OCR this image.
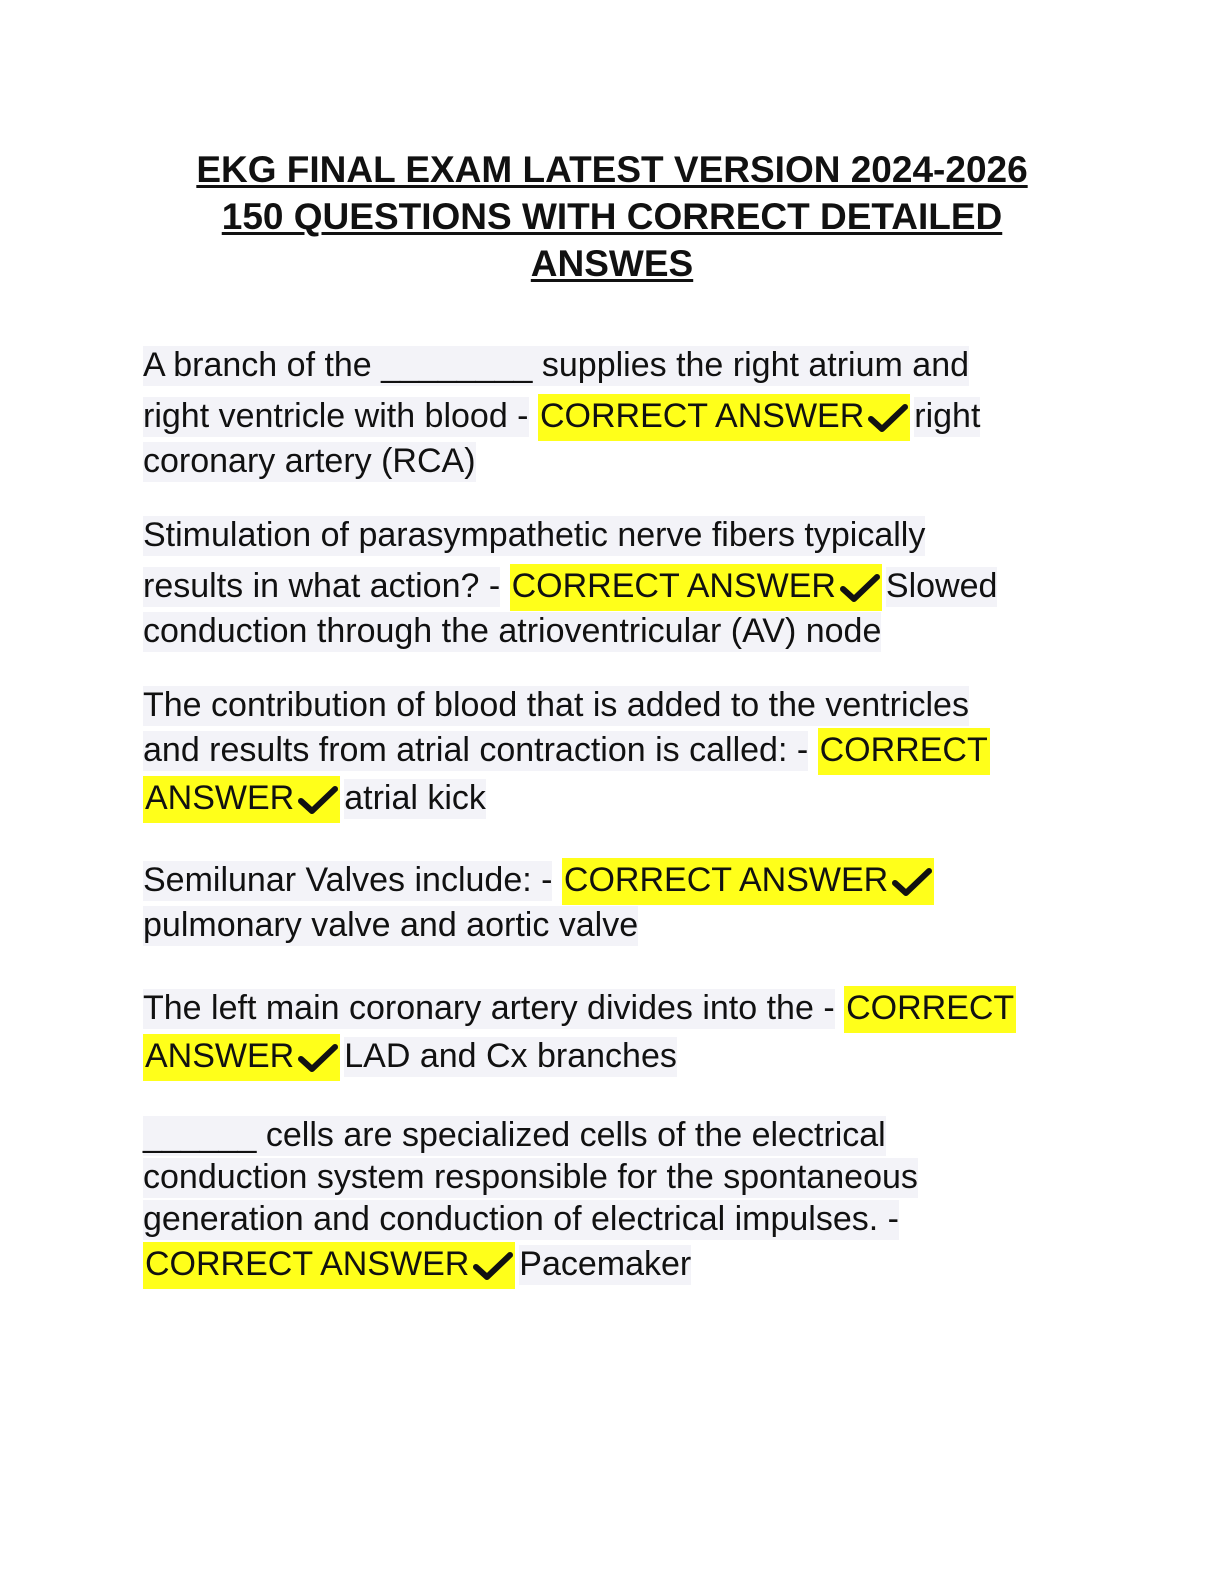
EKG FINAL EXAM LATEST VERSION 2024-2026
150 QUESTIONS WITH CORRECT DETAILED
ANSWES
A branch of the ________ supplies the right atrium and
right ventricle with blood - CORRECT ANSWER right
coronary artery (RCA)
Stimulation of parasympathetic nerve fibers typically
results in what action? - CORRECT ANSWER Slowed
conduction through the atrioventricular (AV) node
The contribution of blood that is added to the ventricles
and results from atrial contraction is called: - CORRECT
ANSWER atrial kick
Semilunar Valves include: - CORRECT ANSWER
pulmonary valve and aortic valve
The left main coronary artery divides into the - CORRECT
ANSWER LAD and Cx branches
______ cells are specialized cells of the electrical
conduction system responsible for the spontaneous
generation and conduction of electrical impulses. -
CORRECT ANSWER Pacemaker
